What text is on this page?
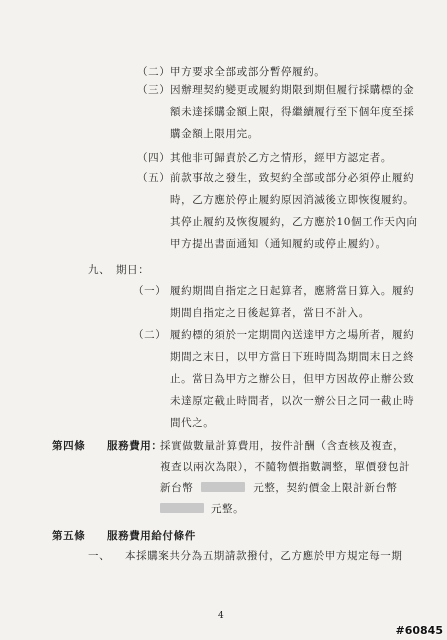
（二） 甲方要求全部或部分暫停履約。
（三） 因辦理契約變更或履約期限到期但履行採購標的金
額未達採購金額上限，得繼續履行至下個年度至採
購金額上限用完。
（四） 其他非可歸責於乙方之情形，經甲方認定者。
（五） 前款事故之發生，致契約全部或部分必須停止履約
時，乙方應於停止履約原因消滅後立即恢復履約。
其停止履約及恢復履約，乙方應於10個工作天內向
甲方提出書面通知（通知履約或停止履約）。
九、 期日：
（一） 履約期間自指定之日起算者，應將當日算入。履約
期間自指定之日後起算者，當日不計入。
（二） 履約標的須於一定期間內送達甲方之場所者，履約
期間之末日，以甲方當日下班時間為期間末日之終
止。當日為甲方之辦公日，但甲方因故停止辦公致
未達原定截止時間者，以次一辦公日之同一截止時
間代之。
第四條 服務費用：
採實做數量計算費用，按件計酬（含查核及複查，
複查以兩次為限），不隨物價指數調整，單價發包計
新台幣	元整，契約價金上限計新台幣
元整。
第五條 服務費用給付條件
一、 本採購案共分為五期請款撥付，乙方應於甲方規定每一期
4
#60845
